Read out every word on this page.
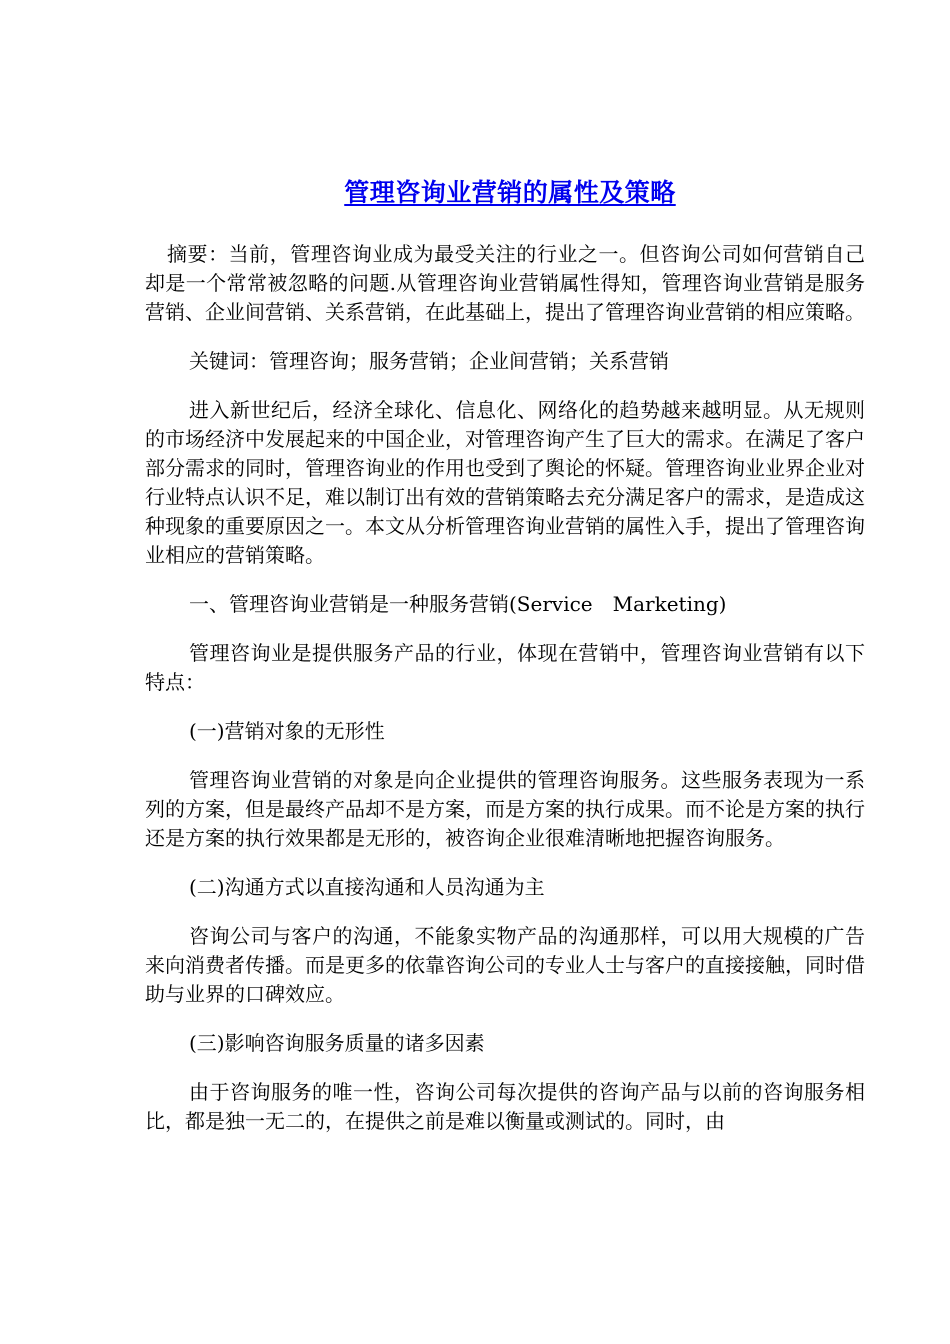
管理咨询业营销的属性及策略

摘要：当前，管理咨询业成为最受关注的行业之一。但咨询公司如何营销自己却是一个常常被忽略的问题.从管理咨询业营销属性得知，管理咨询业营销是服务营销、企业间营销、关系营销，在此基础上，提出了管理咨询业营销的相应策略。

关键词：管理咨询；服务营销；企业间营销；关系营销

进入新世纪后，经济全球化、信息化、网络化的趋势越来越明显。从无规则的市场经济中发展起来的中国企业，对管理咨询产生了巨大的需求。在满足了客户部分需求的同时，管理咨询业的作用也受到了舆论的怀疑。管理咨询业业界企业对行业特点认识不足，难以制订出有效的营销策略去充分满足客户的需求，是造成这种现象的重要原因之一。本文从分析管理咨询业营销的属性入手，提出了管理咨询业相应的营销策略。

一、管理咨询业营销是一种服务营销(Service　Marketing)

管理咨询业是提供服务产品的行业，体现在营销中，管理咨询业营销有以下特点：

(一)营销对象的无形性

管理咨询业营销的对象是向企业提供的管理咨询服务。这些服务表现为一系列的方案，但是最终产品却不是方案，而是方案的执行成果。而不论是方案的执行还是方案的执行效果都是无形的，被咨询企业很难清晰地把握咨询服务。

(二)沟通方式以直接沟通和人员沟通为主

咨询公司与客户的沟通，不能象实物产品的沟通那样，可以用大规模的广告来向消费者传播。而是更多的依靠咨询公司的专业人士与客户的直接接触，同时借助与业界的口碑效应。

(三)影响咨询服务质量的诸多因素

由于咨询服务的唯一性，咨询公司每次提供的咨询产品与以前的咨询服务相比，都是独一无二的，在提供之前是难以衡量或测试的。同时，由
